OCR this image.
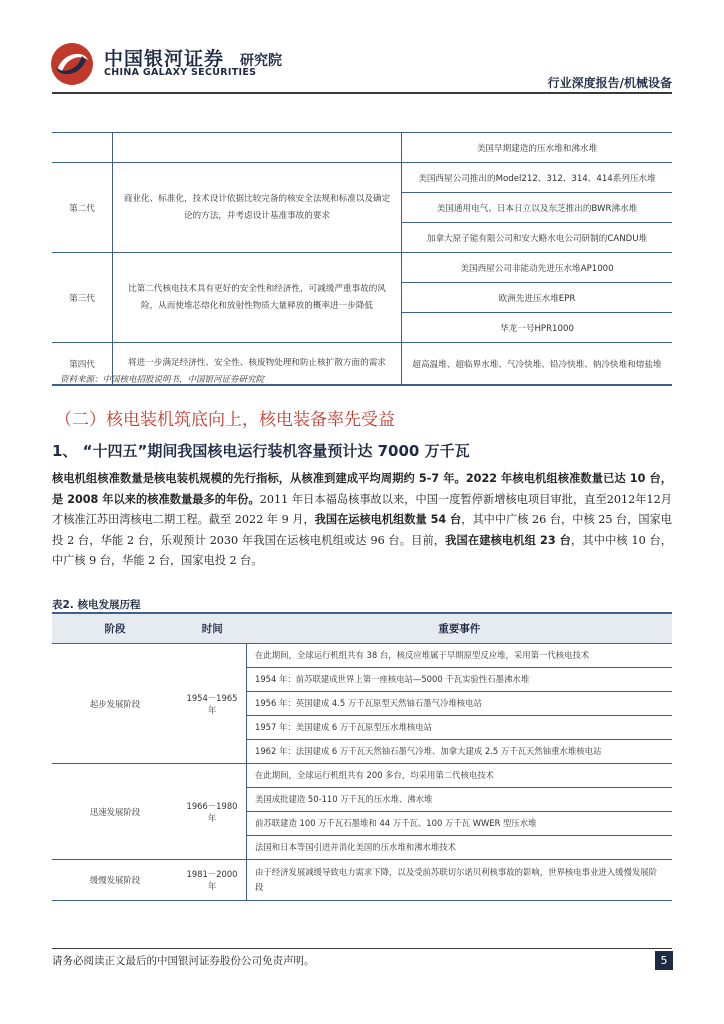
中国银河证券
CHINA GALAXY SECURITIES
研究院
行业深度报告/机械设备
		美国早期建造的压水堆和沸水堆
第二代	商业化、标准化，技术设计依据比较完备的核安全法规和标准以及确定论的方法，并考虑设计基准事故的要求	美国西屋公司推出的Model212、312、314、414系列压水堆
		美国通用电气、日本日立以及东芝推出的BWR沸水堆
		加拿大原子能有限公司和安大略水电公司研制的CANDU堆
第三代	比第二代核电技术具有更好的安全性和经济性，可减缓严重事故的风险，从而使堆芯熔化和放射性物质大量释放的概率进一步降低	美国西屋公司非能动先进压水堆AP1000
		欧洲先进压水堆EPR
		华龙一号HPR1000
第四代	将进一步满足经济性、安全性、核废物处理和防止核扩散方面的需求	超高温堆、超临界水堆、气冷快堆、铅冷快堆、钠冷快堆和熔盐堆
资料来源：中国核电招股说明书，中国银河证券研究院
（二）核电装机筑底向上，核电装备率先受益
1、 “十四五”期间我国核电运行装机容量预计达 7000 万千瓦
核电机组核准数量是核电装机规模的先行指标，从核准到建成平均周期约 5-7 年。2022 年核电机组核准数量已达 10 台，是 2008 年以来的核准数量最多的年份。2011 年日本福岛核事故以来，中国一度暂停新增核电项目审批，直至2012年12月才核准江苏田湾核电二期工程。截至 2022 年 9 月，我国在运核电机组数量 54 台，其中中广核 26 台，中核 25 台，国家电投 2 台，华能 2 台，乐观预计 2030 年我国在运核电机组或达 96 台。目前，我国在建核电机组 23 台，其中中核 10 台，中广核 9 台，华能 2 台，国家电投 2 台。
表2. 核电发展历程
阶段	时间	重要事件
起步发展阶段	1954－1965 年	在此期间，全球运行机组共有 38 台，核反应堆属于早期原型反应堆，采用第一代核电技术
		1954 年：前苏联建成世界上第一座核电站—5000 千瓦实验性石墨沸水堆
		1956 年：英国建成 4.5 万千瓦原型天然铀石墨气冷堆核电站
		1957 年：美国建成 6 万千瓦原型压水堆核电站
		1962 年：法国建成 6 万千瓦天然铀石墨气冷堆、加拿大建成 2.5 万千瓦天然铀重水堆核电站
迅速发展阶段	1966－1980 年	在此期间，全球运行机组共有 200 多台，均采用第二代核电技术
		美国成批建造 50-110 万千瓦的压水堆、沸水堆
		前苏联建造 100 万千瓦石墨堆和 44 万千瓦、100 万千瓦 WWER 型压水堆
		法国和日本等国引进并消化美国的压水堆和沸水堆技术
缓慢发展阶段	1981－2000 年	由于经济发展减缓导致电力需求下降，以及受前苏联切尔诺贝利核事故的影响，世界核电事业进入缓慢发展阶段
请务必阅读正文最后的中国银河证券股份公司免责声明。	5
